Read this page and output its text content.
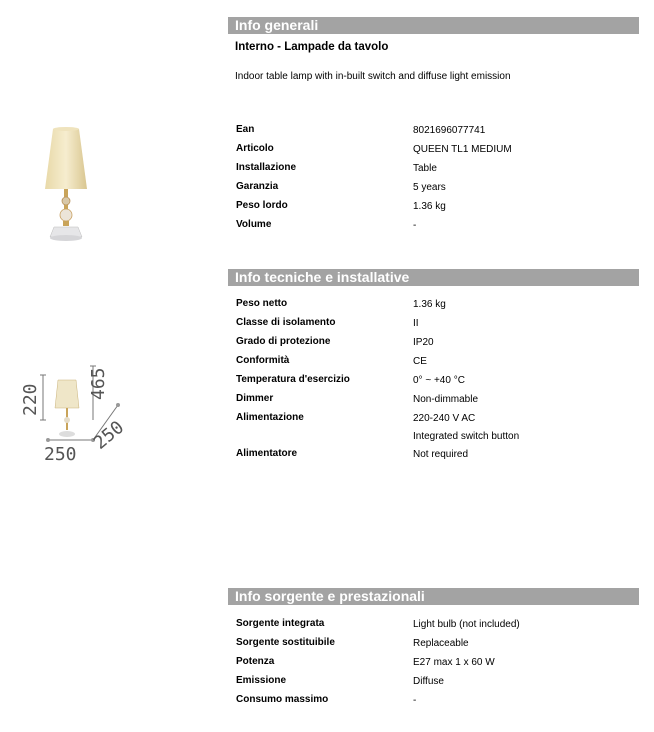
220	465
250
250
Info generali
Interno - Lampade da tavolo
Indoor table lamp with in-built switch and diffuse light emission
Ean	8021696077741
Articolo	QUEEN TL1 MEDIUM
Installazione	Table
Garanzia	5 years
Peso lordo	1.36 kg
Volume	-
Info tecniche e installative
Peso netto	1.36 kg
Classe di isolamento	II
Grado di protezione	IP20
Conformità	CE
Temperatura d'esercizio	0° ~ +40 °C
Dimmer	Non-dimmable
Alimentazione	220-240 V AC
Integrated switch button
Alimentatore	Not required
Info sorgente e prestazionali
Sorgente integrata	Light bulb (not included)
Sorgente sostituibile	Replaceable
Potenza	E27 max 1 x 60 W
Emissione	Diffuse
Consumo massimo	-
